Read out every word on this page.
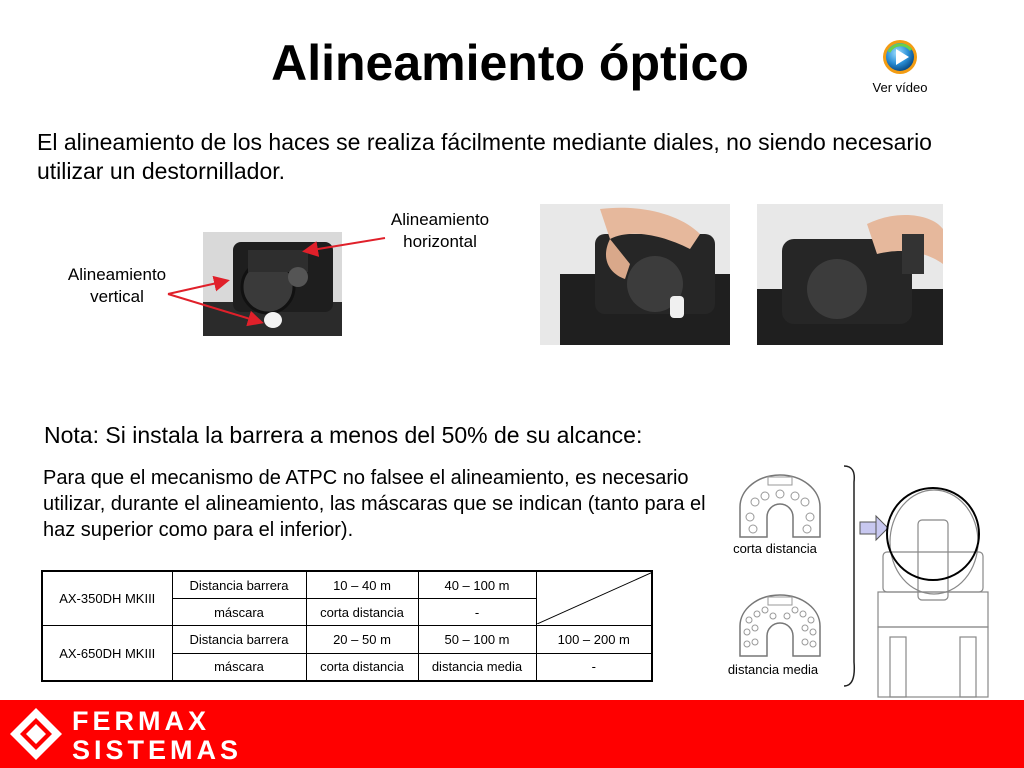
Alineamiento óptico	Ver vídeo

El alineamiento de los haces se realiza fácilmente mediante diales, no siendo necesario utilizar un destornillador.

Alineamiento horizontal
Alineamiento vertical

Nota: Si instala la barrera a menos del 50% de su alcance:

Para que el mecanismo de ATPC no falsee el alineamiento, es necesario utilizar, durante el alineamiento, las máscaras que se indican (tanto para el haz superior como para el inferior).

corta distancia
distancia media
AX-350DH MKIII	Distancia barrera	10 – 40 m	40 – 100 m	

	máscara	corta distancia	-	
AX-650DH MKIII	Distancia barrera	20 – 50 m	50 – 100 m	100 – 200 m
	máscara	corta distancia	distancia media	-
FERMAX
SISTEMAS
